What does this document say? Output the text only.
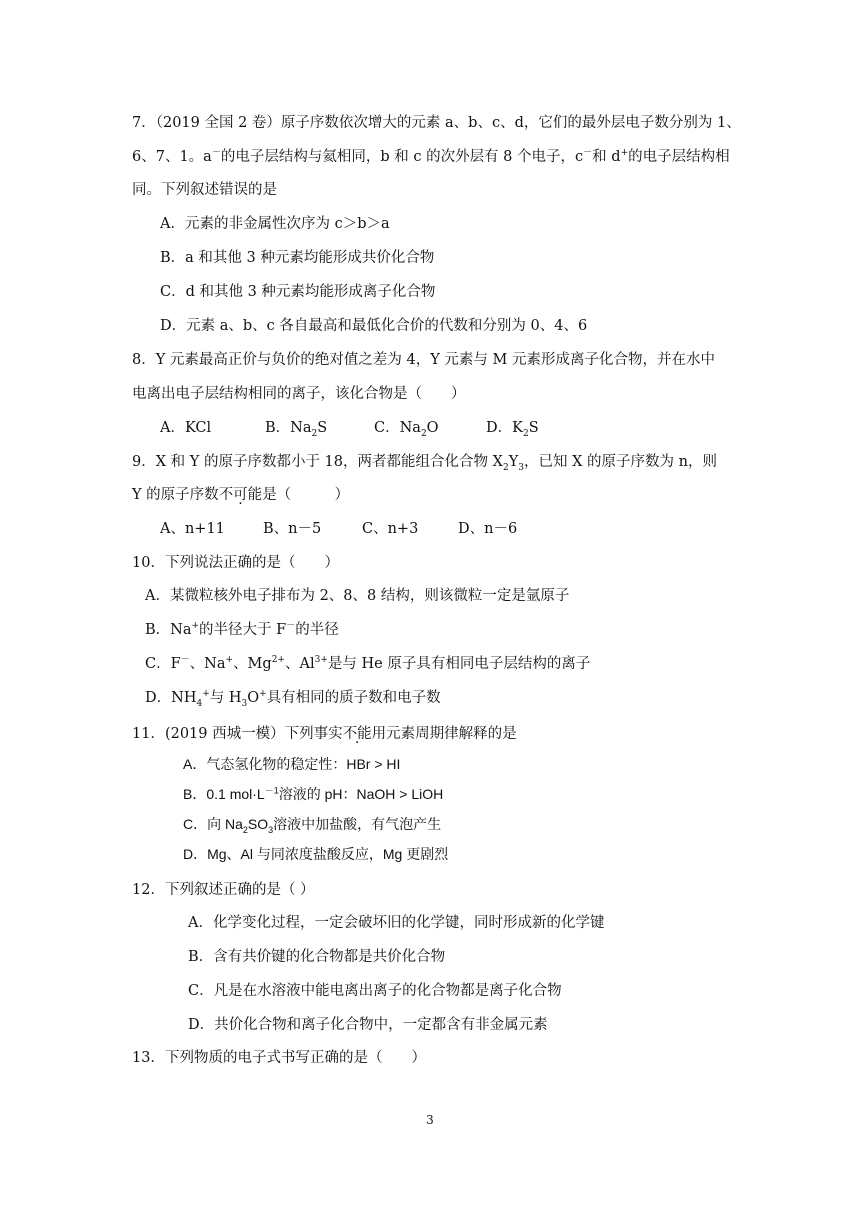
7．（2019 全国 2 卷）原子序数依次增大的元素 a、b、c、d，它们的最外层电子数分别为 1、
6、7、1。a－的电子层结构与氦相同，b 和 c 的次外层有 8 个电子，c－和 d+的电子层结构相
同。下列叙述错误的是
A．元素的非金属性次序为 c＞b＞a
B．a 和其他 3 种元素均能形成共价化合物
C．d 和其他 3 种元素均能形成离子化合物
D．元素 a、b、c 各自最高和最低化合价的代数和分别为 0、4、6
8．Y 元素最高正价与负价的绝对值之差为 4，Y 元素与 M 元素形成离子化合物，并在水中
电离出电子层结构相同的离子，该化合物是（　　）
A．KCl	B．$Na_2S$	C．$Na_2O$	D．$K_2S$
9．X 和 Y 的原子序数都小于 18，两者都能组合化合物 $X_2Y_3$，已知 X 的原子序数为 n，则
Y 的原子序数不可能是（　　　）
A、n+11	B、n－5	C、n+3	D、n－6
10．下列说法正确的是（　　）
A．某微粒核外电子排布为 2、8、8 结构，则该微粒一定是氩原子
B．Na+的半径大于 F－的半径
C．F－、Na+、$Mg^{2+}$、$Al^{3+}$是与 He 原子具有相同电子层结构的离子
D．$NH_4^+$与 $H_3O^+$具有相同的质子数和电子数
11．(2019 西城一模）下列事实不能用元素周期律解释的是
A．气态氢化物的稳定性：HBr > HI
B．0.1 $mol\cdot L^{-1}$溶液的 pH：NaOH > LiOH
C．向 $Na_2SO_3$溶液中加盐酸，有气泡产生
D．Mg、Al 与同浓度盐酸反应，Mg 更剧烈
12．下列叙述正确的是（ ）
A．化学变化过程，一定会破坏旧的化学键，同时形成新的化学键
B．含有共价键的化合物都是共价化合物
C．凡是在水溶液中能电离出离子的化合物都是离子化合物
D．共价化合物和离子化合物中，一定都含有非金属元素
13．下列物质的电子式书写正确的是（　　）
3
